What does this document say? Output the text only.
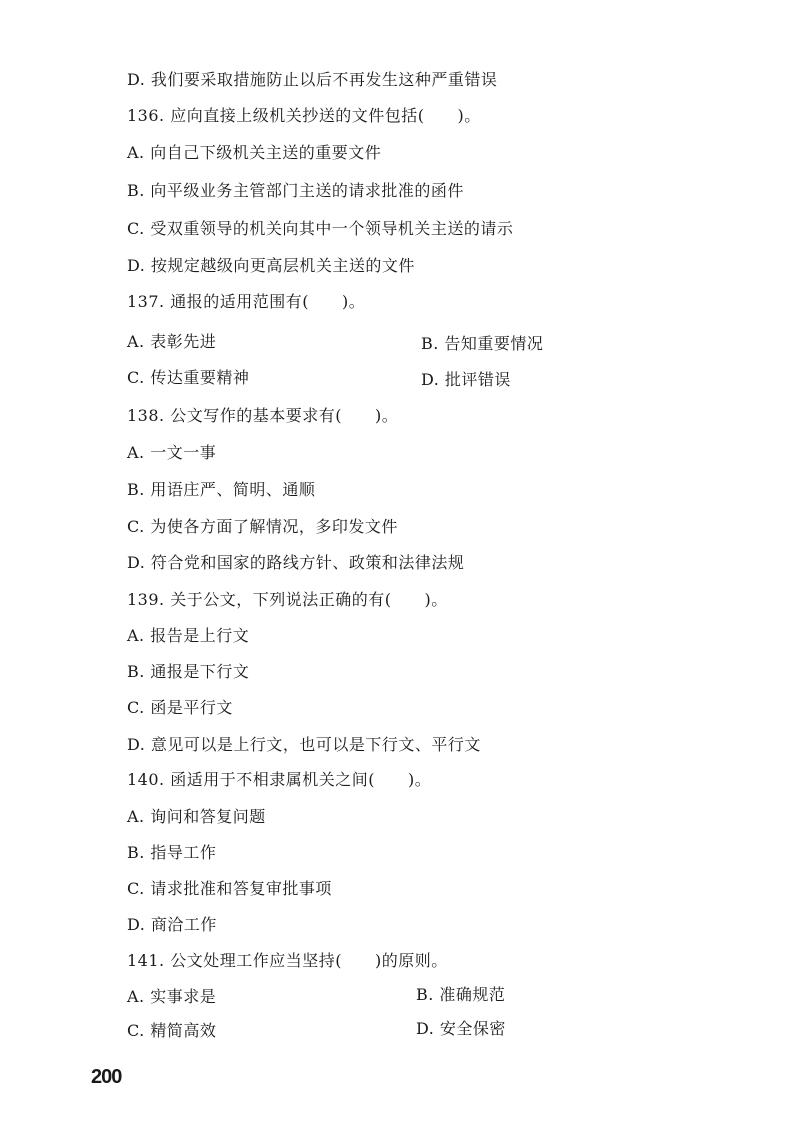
D. 我们要采取措施防止以后不再发生这种严重错误
136. 应向直接上级机关抄送的文件包括(　　)。
A. 向自己下级机关主送的重要文件
B. 向平级业务主管部门主送的请求批准的函件
C. 受双重领导的机关向其中一个领导机关主送的请示
D. 按规定越级向更高层机关主送的文件
137. 通报的适用范围有(　　)。
A. 表彰先进	B. 告知重要情况
C. 传达重要精神	D. 批评错误
138. 公文写作的基本要求有(　　)。
A. 一文一事
B. 用语庄严、简明、通顺
C. 为使各方面了解情况，多印发文件
D. 符合党和国家的路线方针、政策和法律法规
139. 关于公文，下列说法正确的有(　　)。
A. 报告是上行文
B. 通报是下行文
C. 函是平行文
D. 意见可以是上行文，也可以是下行文、平行文
140. 函适用于不相隶属机关之间(　　)。
A. 询问和答复问题
B. 指导工作
C. 请求批准和答复审批事项
D. 商洽工作
141. 公文处理工作应当坚持(　　)的原则。
A. 实事求是	B. 准确规范
C. 精简高效	D. 安全保密
200
